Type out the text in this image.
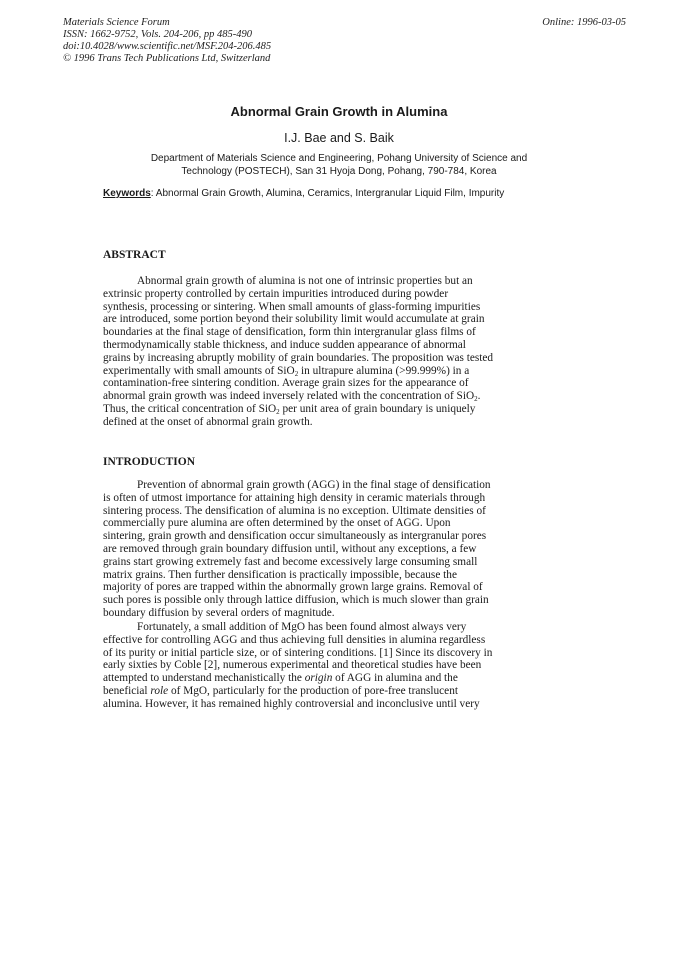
Materials Science Forum
ISSN: 1662-9752, Vols. 204-206, pp 485-490
doi:10.4028/www.scientific.net/MSF.204-206.485
© 1996 Trans Tech Publications Ltd, Switzerland
Online: 1996-03-05
Abnormal Grain Growth in Alumina
I.J. Bae and S. Baik
Department of Materials Science and Engineering, Pohang University of Science and
Technology (POSTECH), San 31 Hyoja Dong, Pohang, 790-784, Korea
Keywords: Abnormal Grain Growth, Alumina, Ceramics, Intergranular Liquid Film, Impurity
ABSTRACT
Abnormal grain growth of alumina is not one of intrinsic properties but an
extrinsic property controlled by certain impurities introduced during powder
synthesis, processing or sintering. When small amounts of glass-forming impurities
are introduced, some portion beyond their solubility limit would accumulate at grain
boundaries at the final stage of densification, form thin intergranular glass films of
thermodynamically stable thickness, and induce sudden appearance of abnormal
grains by increasing abruptly mobility of grain boundaries. The proposition was tested
experimentally with small amounts of SiO$_2$ in ultrapure alumina (>99.999%) in a
contamination-free sintering condition. Average grain sizes for the appearance of
abnormal grain growth was indeed inversely related with the concentration of SiO$_2$.
Thus, the critical concentration of SiO$_2$ per unit area of grain boundary is uniquely
defined at the onset of abnormal grain growth.
INTRODUCTION
Prevention of abnormal grain growth (AGG) in the final stage of densification
is often of utmost importance for attaining high density in ceramic materials through
sintering process. The densification of alumina is no exception. Ultimate densities of
commercially pure alumina are often determined by the onset of AGG. Upon
sintering, grain growth and densification occur simultaneously as intergranular pores
are removed through grain boundary diffusion until, without any exceptions, a few
grains start growing extremely fast and become excessively large consuming small
matrix grains. Then further densification is practically impossible, because the
majority of pores are trapped within the abnormally grown large grains. Removal of
such pores is possible only through lattice diffusion, which is much slower than grain
boundary diffusion by several orders of magnitude.
Fortunately, a small addition of MgO has been found almost always very
effective for controlling AGG and thus achieving full densities in alumina regardless
of its purity or initial particle size, or of sintering conditions. [1] Since its discovery in
early sixties by Coble [2], numerous experimental and theoretical studies have been
attempted to understand mechanistically the origin of AGG in alumina and the
beneficial role of MgO, particularly for the production of pore-free translucent
alumina. However, it has remained highly controversial and inconclusive until very
